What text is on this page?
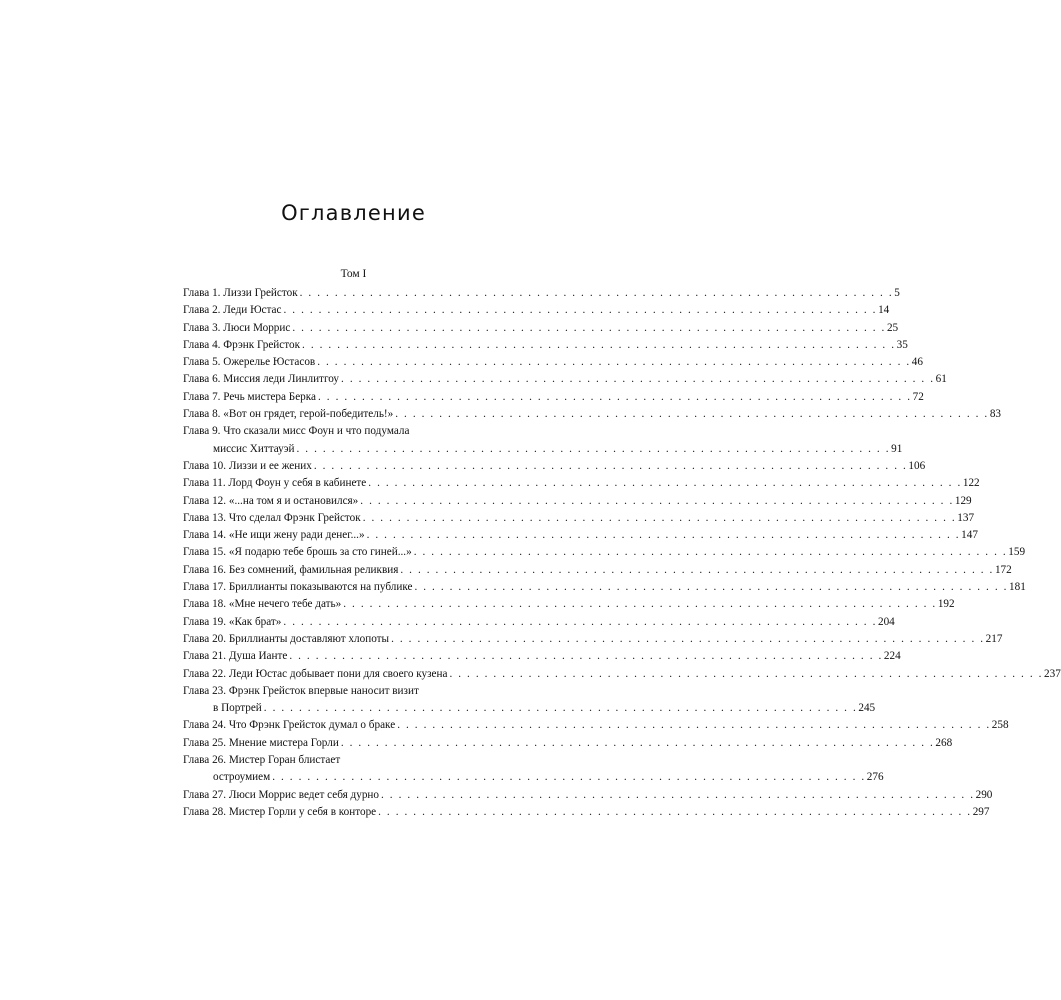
Оглавление
Том I
Глава 1. Лиззи Грейсток . . . . . . . . . . . . . . . . . . . . . . . . . . . . . . . . . . . . . . . . . . . . . . . . . . . . . . . . . . . . . . . . . . . . 5
Глава 2. Леди Юстас . . . . . . . . . . . . . . . . . . . . . . . . . . . . . . . . . . . . . . . . . . . . . . . . . . . . . . . . . . . . . . . . . . . . 14
Глава 3. Люси Моррис . . . . . . . . . . . . . . . . . . . . . . . . . . . . . . . . . . . . . . . . . . . . . . . . . . . . . . . . . . . . . . . . . . . . 25
Глава 4. Фрэнк Грейсток . . . . . . . . . . . . . . . . . . . . . . . . . . . . . . . . . . . . . . . . . . . . . . . . . . . . . . . . . . . . . . . . . . . . 35
Глава 5. Ожерелье Юстасов . . . . . . . . . . . . . . . . . . . . . . . . . . . . . . . . . . . . . . . . . . . . . . . . . . . . . . . . . . . . . . . . . . . . 46
Глава 6. Миссия леди Линлитгоу . . . . . . . . . . . . . . . . . . . . . . . . . . . . . . . . . . . . . . . . . . . . . . . . . . . . . . . . . . . . . . . . . . . . 61
Глава 7. Речь мистера Берка . . . . . . . . . . . . . . . . . . . . . . . . . . . . . . . . . . . . . . . . . . . . . . . . . . . . . . . . . . . . . . . . . . . . 72
Глава 8. «Вот он грядет, герой-победитель!» . . . . . . . . . . . . . . . . . . . . . . . . . . . . . . . . . . . . . . . . . . . . . . . . . . . . . . . . . . . . . . . . . . . . 83
Глава 9. Что сказали мисс Фоун и что подумала
миссис Хиттауэй . . . . . . . . . . . . . . . . . . . . . . . . . . . . . . . . . . . . . . . . . . . . . . . . . . . . . . . . . . . . . . . . . . . . 91
Глава 10. Лиззи и ее жених . . . . . . . . . . . . . . . . . . . . . . . . . . . . . . . . . . . . . . . . . . . . . . . . . . . . . . . . . . . . . . . . . . . . 106
Глава 11. Лорд Фоун у себя в кабинете . . . . . . . . . . . . . . . . . . . . . . . . . . . . . . . . . . . . . . . . . . . . . . . . . . . . . . . . . . . . . . . . . . . . 122
Глава 12. «...на том я и остановился» . . . . . . . . . . . . . . . . . . . . . . . . . . . . . . . . . . . . . . . . . . . . . . . . . . . . . . . . . . . . . . . . . . . . 129
Глава 13. Что сделал Фрэнк Грейсток . . . . . . . . . . . . . . . . . . . . . . . . . . . . . . . . . . . . . . . . . . . . . . . . . . . . . . . . . . . . . . . . . . . . 137
Глава 14. «Не ищи жену ради денег...» . . . . . . . . . . . . . . . . . . . . . . . . . . . . . . . . . . . . . . . . . . . . . . . . . . . . . . . . . . . . . . . . . . . . 147
Глава 15. «Я подарю тебе брошь за сто гиней...» . . . . . . . . . . . . . . . . . . . . . . . . . . . . . . . . . . . . . . . . . . . . . . . . . . . . . . . . . . . . . . . . . . . . 159
Глава 16. Без сомнений, фамильная реликвия . . . . . . . . . . . . . . . . . . . . . . . . . . . . . . . . . . . . . . . . . . . . . . . . . . . . . . . . . . . . . . . . . . . . 172
Глава 17. Бриллианты показываются на публике . . . . . . . . . . . . . . . . . . . . . . . . . . . . . . . . . . . . . . . . . . . . . . . . . . . . . . . . . . . . . . . . . . . . 181
Глава 18. «Мне нечего тебе дать» . . . . . . . . . . . . . . . . . . . . . . . . . . . . . . . . . . . . . . . . . . . . . . . . . . . . . . . . . . . . . . . . . . . . 192
Глава 19. «Как брат» . . . . . . . . . . . . . . . . . . . . . . . . . . . . . . . . . . . . . . . . . . . . . . . . . . . . . . . . . . . . . . . . . . . . 204
Глава 20. Бриллианты доставляют хлопоты . . . . . . . . . . . . . . . . . . . . . . . . . . . . . . . . . . . . . . . . . . . . . . . . . . . . . . . . . . . . . . . . . . . . 217
Глава 21. Душа Ианте . . . . . . . . . . . . . . . . . . . . . . . . . . . . . . . . . . . . . . . . . . . . . . . . . . . . . . . . . . . . . . . . . . . . 224
Глава 22. Леди Юстас добывает пони для своего кузена . . . . . . . . . . . . . . . . . . . . . . . . . . . . . . . . . . . . . . . . . . . . . . . . . . . . . . . . . . . . . . . . . . . . 237
Глава 23. Фрэнк Грейсток впервые наносит визит
в Портрей . . . . . . . . . . . . . . . . . . . . . . . . . . . . . . . . . . . . . . . . . . . . . . . . . . . . . . . . . . . . . . . . . . . . 245
Глава 24. Что Фрэнк Грейсток думал о браке . . . . . . . . . . . . . . . . . . . . . . . . . . . . . . . . . . . . . . . . . . . . . . . . . . . . . . . . . . . . . . . . . . . . 258
Глава 25. Мнение мистера Горли . . . . . . . . . . . . . . . . . . . . . . . . . . . . . . . . . . . . . . . . . . . . . . . . . . . . . . . . . . . . . . . . . . . . 268
Глава 26. Мистер Горан блистает
остроумием . . . . . . . . . . . . . . . . . . . . . . . . . . . . . . . . . . . . . . . . . . . . . . . . . . . . . . . . . . . . . . . . . . . . 276
Глава 27. Люси Моррис ведет себя дурно . . . . . . . . . . . . . . . . . . . . . . . . . . . . . . . . . . . . . . . . . . . . . . . . . . . . . . . . . . . . . . . . . . . . 290
Глава 28. Мистер Горли у себя в конторе . . . . . . . . . . . . . . . . . . . . . . . . . . . . . . . . . . . . . . . . . . . . . . . . . . . . . . . . . . . . . . . . . . . . 297
